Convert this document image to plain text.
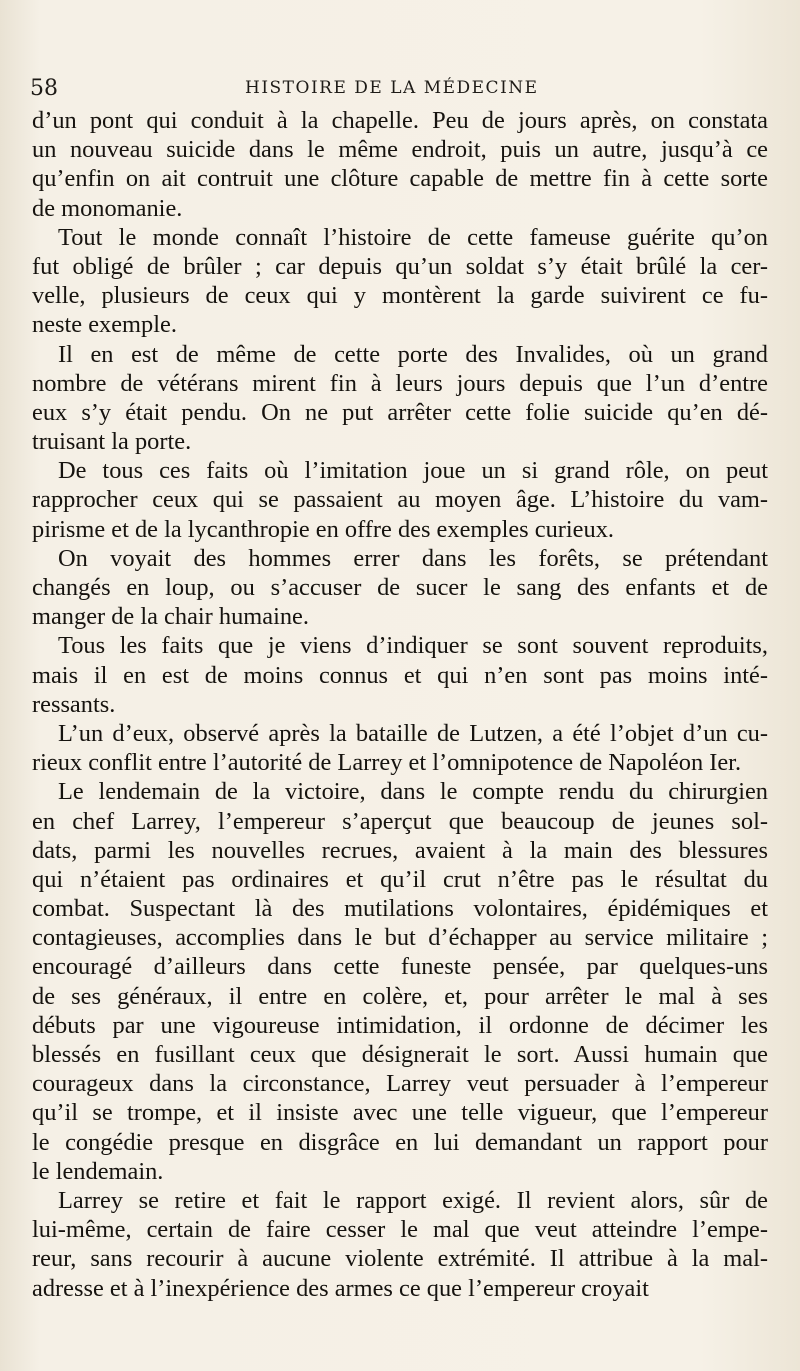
58	HISTOIRE DE LA MÉDECINE
d’un pont qui conduit à la chapelle. Peu de jours après, on constata
un nouveau suicide dans le même endroit, puis un autre, jusqu’à ce
qu’enfin on ait contruit une clôture capable de mettre fin à cette sorte
de monomanie.
Tout le monde connaît l’histoire de cette fameuse guérite qu’on
fut obligé de brûler ; car depuis qu’un soldat s’y était brûlé la cer-
velle, plusieurs de ceux qui y montèrent la garde suivirent ce fu-
neste exemple.
Il en est de même de cette porte des Invalides, où un grand
nombre de vétérans mirent fin à leurs jours depuis que l’un d’entre
eux s’y était pendu. On ne put arrêter cette folie suicide qu’en dé-
truisant la porte.
De tous ces faits où l’imitation joue un si grand rôle, on peut
rapprocher ceux qui se passaient au moyen âge. L’histoire du vam-
pirisme et de la lycanthropie en offre des exemples curieux.
On voyait des hommes errer dans les forêts, se prétendant
changés en loup, ou s’accuser de sucer le sang des enfants et de
manger de la chair humaine.
Tous les faits que je viens d’indiquer se sont souvent reproduits,
mais il en est de moins connus et qui n’en sont pas moins inté-
ressants.
L’un d’eux, observé après la bataille de Lutzen, a été l’objet d’un cu-
rieux conflit entre l’autorité de Larrey et l’omnipotence de Napoléon Ier.
Le lendemain de la victoire, dans le compte rendu du chirurgien
en chef Larrey, l’empereur s’aperçut que beaucoup de jeunes sol-
dats, parmi les nouvelles recrues, avaient à la main des blessures
qui n’étaient pas ordinaires et qu’il crut n’être pas le résultat du
combat. Suspectant là des mutilations volontaires, épidémiques et
contagieuses, accomplies dans le but d’échapper au service militaire ;
encouragé d’ailleurs dans cette funeste pensée, par quelques-uns
de ses généraux, il entre en colère, et, pour arrêter le mal à ses
débuts par une vigoureuse intimidation, il ordonne de décimer les
blessés en fusillant ceux que désignerait le sort. Aussi humain que
courageux dans la circonstance, Larrey veut persuader à l’empereur
qu’il se trompe, et il insiste avec une telle vigueur, que l’empereur
le congédie presque en disgrâce en lui demandant un rapport pour
le lendemain.
Larrey se retire et fait le rapport exigé. Il revient alors, sûr de
lui-même, certain de faire cesser le mal que veut atteindre l’empe-
reur, sans recourir à aucune violente extrémité. Il attribue à la mal-
adresse et à l’inexpérience des armes ce que l’empereur croyait
